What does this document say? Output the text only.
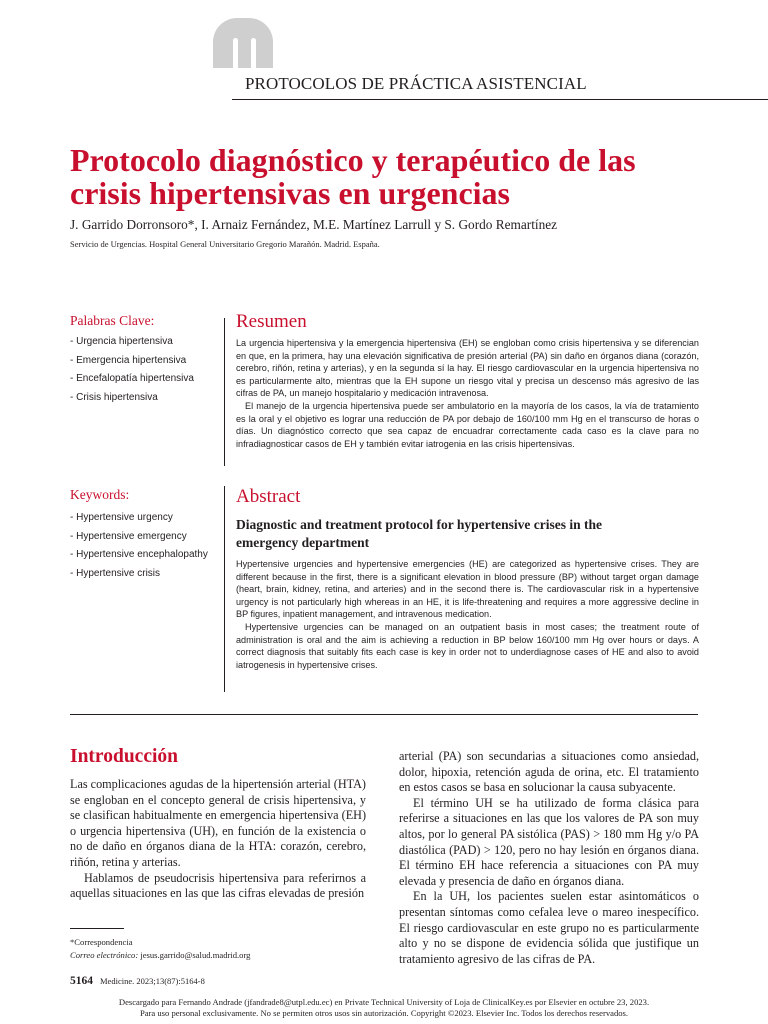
PROTOCOLOS DE PRÁCTICA ASISTENCIAL
Protocolo diagnóstico y terapéutico de las crisis hipertensivas en urgencias
J. Garrido Dorronsoro*, I. Arnaiz Fernández, M.E. Martínez Larrull y S. Gordo Remartínez
Servicio de Urgencias. Hospital General Universitario Gregorio Marañón. Madrid. España.
Palabras Clave:
- Urgencia hipertensiva
- Emergencia hipertensiva
- Encefalopatía hipertensiva
- Crisis hipertensiva
Resumen

La urgencia hipertensiva y la emergencia hipertensiva (EH) se engloban como crisis hipertensiva y se diferencian en que, en la primera, hay una elevación significativa de presión arterial (PA) sin daño en órganos diana (corazón, cerebro, riñón, retina y arterias), y en la segunda sí la hay. El riesgo cardiovascular en la urgencia hipertensiva no es particularmente alto, mientras que la EH supone un riesgo vital y precisa un descenso más agresivo de las cifras de PA, un manejo hospitalario y medicación intravenosa.

El manejo de la urgencia hipertensiva puede ser ambulatorio en la mayoría de los casos, la vía de tratamiento es la oral y el objetivo es lograr una reducción de PA por debajo de 160/100 mm Hg en el transcurso de horas o días. Un diagnóstico correcto que sea capaz de encuadrar correctamente cada caso es la clave para no infradiagnosticar casos de EH y también evitar iatrogenia en las crisis hipertensivas.

Keywords:
- Hypertensive urgency
- Hypertensive emergency
- Hypertensive encephalopathy
- Hypertensive crisis
Abstract
Diagnostic and treatment protocol for hypertensive crises in the emergency department

Hypertensive urgencies and hypertensive emergencies (HE) are categorized as hypertensive crises. They are different because in the first, there is a significant elevation in blood pressure (BP) without target organ damage (heart, brain, kidney, retina, and arteries) and in the second there is. The cardiovascular risk in a hypertensive urgency is not particularly high whereas in an HE, it is life-threatening and requires a more aggressive decline in BP figures, inpatient management, and intravenous medication.

Hypertensive urgencies can be managed on an outpatient basis in most cases; the treatment route of administration is oral and the aim is achieving a reduction in BP below 160/100 mm Hg over hours or days. A correct diagnosis that suitably fits each case is key in order not to underdiagnose cases of HE and also to avoid iatrogenesis in hypertensive crises.

Introducción

Las complicaciones agudas de la hipertensión arterial (HTA) se engloban en el concepto general de crisis hipertensiva, y se clasifican habitualmente en emergencia hipertensiva (EH) o urgencia hipertensiva (UH), en función de la existencia o no de daño en órganos diana de la HTA: corazón, cerebro, riñón, retina y arterias.

Hablamos de pseudocrisis hipertensiva para referirnos a aquellas situaciones en las que las cifras elevadas de presión

arterial (PA) son secundarias a situaciones como ansiedad, dolor, hipoxia, retención aguda de orina, etc. El tratamiento en estos casos se basa en solucionar la causa subyacente.

El término UH se ha utilizado de forma clásica para referirse a situaciones en las que los valores de PA son muy altos, por lo general PA sistólica (PAS) > 180 mm Hg y/o PA diastólica (PAD) > 120, pero no hay lesión en órganos diana. El término EH hace referencia a situaciones con PA muy elevada y presencia de daño en órganos diana.

En la UH, los pacientes suelen estar asintomáticos o presentan síntomas como cefalea leve o mareo inespecífico. El riesgo cardiovascular en este grupo no es particularmente alto y no se dispone de evidencia sólida que justifique un tratamiento agresivo de las cifras de PA.

*Correspondencia
Correo electrónico: jesus.garrido@salud.madrid.org
5164 Medicine. 2023;13(87):5164-8
Descargado para Fernando Andrade (jfandrade8@utpl.edu.ec) en Private Technical University of Loja de ClinicalKey.es por Elsevier en octubre 23, 2023.
Para uso personal exclusivamente. No se permiten otros usos sin autorización. Copyright ©2023. Elsevier Inc. Todos los derechos reservados.
